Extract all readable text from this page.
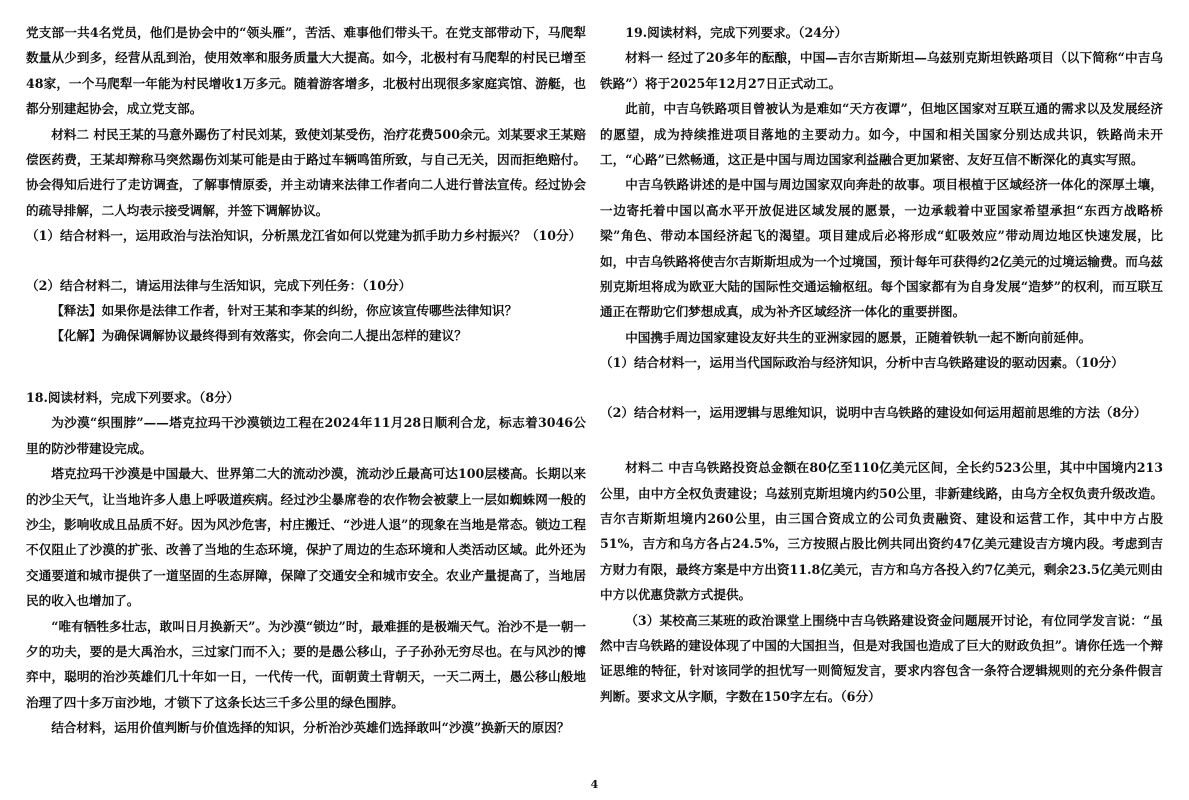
党支部一共4名党员，他们是协会中的“领头雁”，苦活、难事他们带头干。在党支部带动下，马爬犁数量从少到多，经营从乱到治，使用效率和服务质量大大提高。如今，北极村有马爬犁的村民已增至48家，一个马爬犁一年能为村民增收1万多元。随着游客增多，北极村出现很多家庭宾馆、游艇，也都分别建起协会，成立党支部。

材料二 村民王某的马意外踢伤了村民刘某，致使刘某受伤，治疗花费500余元。刘某要求王某赔偿医药费，王某却辩称马突然踢伤刘某可能是由于路过车辆鸣笛所致，与自己无关，因而拒绝赔付。协会得知后进行了走访调查，了解事情原委，并主动请来法律工作者向二人进行普法宣传。经过协会的疏导排解，二人均表示接受调解，并签下调解协议。

（1）结合材料一，运用政治与法治知识，分析黑龙江省如何以党建为抓手助力乡村振兴？（10分）

（2）结合材料二，请运用法律与生活知识，完成下列任务：（10分）

【释法】如果你是法律工作者，针对王某和李某的纠纷，你应该宣传哪些法律知识？

【化解】为确保调解协议最终得到有效落实，你会向二人提出怎样的建议？

18.阅读材料，完成下列要求。（8分）

为沙漠“织围脖”——塔克拉玛干沙漠锁边工程在2024年11月28日顺利合龙，标志着3046公里的防沙带建设完成。

塔克拉玛干沙漠是中国最大、世界第二大的流动沙漠，流动沙丘最高可达100层楼高。长期以来的沙尘天气，让当地许多人患上呼吸道疾病。经过沙尘暴席卷的农作物会被蒙上一层如蜘蛛网一般的沙尘，影响收成且品质不好。因为风沙危害，村庄搬迁、“沙进人退”的现象在当地是常态。锁边工程不仅阻止了沙漠的扩张、改善了当地的生态环境，保护了周边的生态环境和人类活动区域。此外还为交通要道和城市提供了一道坚固的生态屏障，保障了交通安全和城市安全。农业产量提高了，当地居民的收入也增加了。

“唯有牺牲多壮志，敢叫日月换新天”。为沙漠“锁边”时，最难捱的是极端天气。治沙不是一朝一夕的功夫，要的是大禹治水，三过家门而不入；要的是愚公移山，子子孙孙无穷尽也。在与风沙的博弈中，聪明的治沙英雄们几十年如一日，一代传一代，面朝黄土背朝天，一天二两土，愚公移山般地治理了四十多万亩沙地，才锁下了这条长达三千多公里的绿色围脖。

结合材料，运用价值判断与价值选择的知识，分析治沙英雄们选择敢叫“沙漠”换新天的原因？

19.阅读材料，完成下列要求。（24分）

材料一 经过了20多年的酝酿，中国—吉尔吉斯斯坦—乌兹别克斯坦铁路项目（以下简称“中吉乌铁路”）将于2025年12月27日正式动工。

此前，中吉乌铁路项目曾被认为是难如“天方夜谭”，但地区国家对互联互通的需求以及发展经济的愿望，成为持续推进项目落地的主要动力。如今，中国和相关国家分别达成共识，铁路尚未开工，“心路”已然畅通，这正是中国与周边国家利益融合更加紧密、友好互信不断深化的真实写照。

中吉乌铁路讲述的是中国与周边国家双向奔赴的故事。项目根植于区域经济一体化的深厚土壤，一边寄托着中国以高水平开放促进区域发展的愿景，一边承载着中亚国家希望承担“东西方战略桥梁”角色、带动本国经济起飞的渴望。项目建成后必将形成“虹吸效应”带动周边地区快速发展，比如，中吉乌铁路将使吉尔吉斯斯坦成为一个过境国，预计每年可获得约2亿美元的过境运输费。而乌兹别克斯坦将成为欧亚大陆的国际性交通运输枢纽。每个国家都有为自身发展“造梦”的权利，而互联互通正在帮助它们梦想成真，成为补齐区域经济一体化的重要拼图。

中国携手周边国家建设友好共生的亚洲家园的愿景，正随着铁轨一起不断向前延伸。

（1）结合材料一，运用当代国际政治与经济知识，分析中吉乌铁路建设的驱动因素。（10分）

（2）结合材料一，运用逻辑与思维知识，说明中吉乌铁路的建设如何运用超前思维的方法（8分）

材料二 中吉乌铁路投资总金额在80亿至110亿美元区间，全长约523公里，其中中国境内213公里，由中方全权负责建设；乌兹别克斯坦境内约50公里，非新建线路，由乌方全权负责升级改造。吉尔吉斯斯坦境内260公里，由三国合资成立的公司负责融资、建设和运营工作，其中中方占股51%，吉方和乌方各占24.5%，三方按照占股比例共同出资约47亿美元建设吉方境内段。考虑到吉方财力有限，最终方案是中方出资11.8亿美元，吉方和乌方各投入约7亿美元，剩余23.5亿美元则由中方以优惠贷款方式提供。

（3）某校高三某班的政治课堂上围绕中吉乌铁路建设资金问题展开讨论，有位同学发言说：“虽然中吉乌铁路的建设体现了中国的大国担当，但是对我国也造成了巨大的财政负担”。请你任选一个辩证思维的特征，针对该同学的担忧写一则简短发言，要求内容包含一条符合逻辑规则的充分条件假言判断。要求文从字顺，字数在150字左右。（6分）

4
